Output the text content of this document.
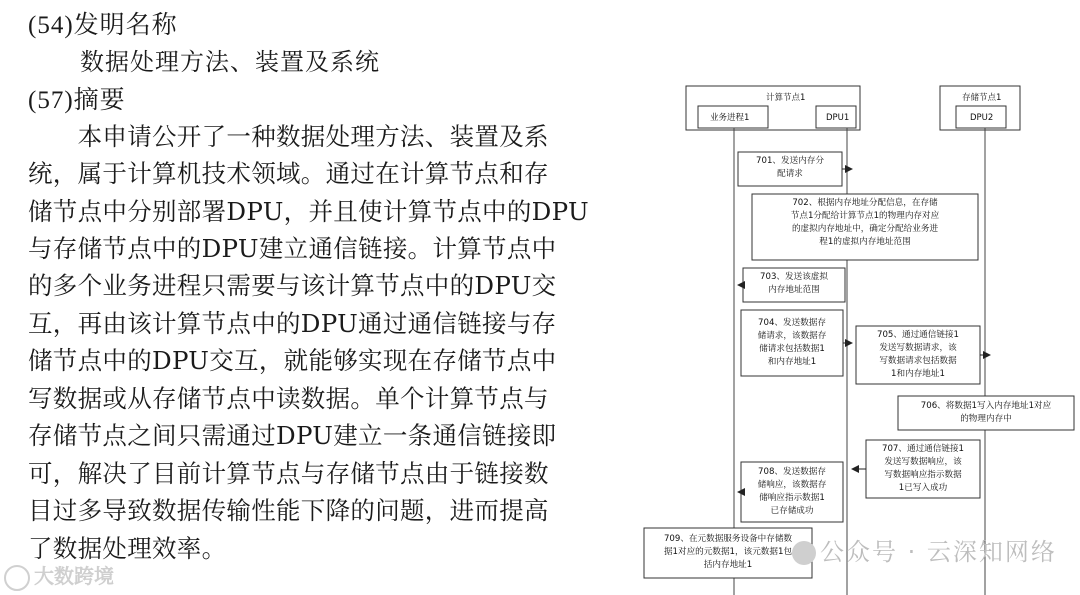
(54)发明名称
数据处理方法、装置及系统
(57)摘要
　　本申请公开了一种数据处理方法、装置及系
统，属于计算机技术领域。通过在计算节点和存
储节点中分别部署DPU，并且使计算节点中的DPU
与存储节点中的DPU建立通信链接。计算节点中
的多个业务进程只需要与该计算节点中的DPU交
互，再由该计算节点中的DPU通过通信链接与存
储节点中的DPU交互，就能够实现在存储节点中
写数据或从存储节点中读数据。单个计算节点与
存储节点之间只需通过DPU建立一条通信链接即
可，解决了目前计算节点与存储节点由于链接数
目过多导致数据传输性能下降的问题，进而提高
了数据处理效率。
大数跨境
计算节点1	存储节点1
业务进程1	DPU1	DPU2
701、发送内存分
配请求
702、根据内存地址分配信息，在存储
节点1分配给计算节点1的物理内存对应
的虚拟内存地址中，确定分配给业务进
程1的虚拟内存地址范围
703、发送该虚拟
内存地址范围
704、发送数据存
储请求，该数据存
储请求包括数据1
和内存地址1
705、通过通信链接1
发送写数据请求，该
写数据请求包括数据
1和内存地址1
706、将数据1写入内存地址1对应
的物理内存中
707、通过通信链接1
发送写数据响应，该
写数据响应指示数据
1已写入成功
708、发送数据存
储响应，该数据存
储响应指示数据1
已存储成功
709、在元数据服务设备中存储数
据1对应的元数据1，该元数据1包
括内存地址1	公众号 · 云深知网络
